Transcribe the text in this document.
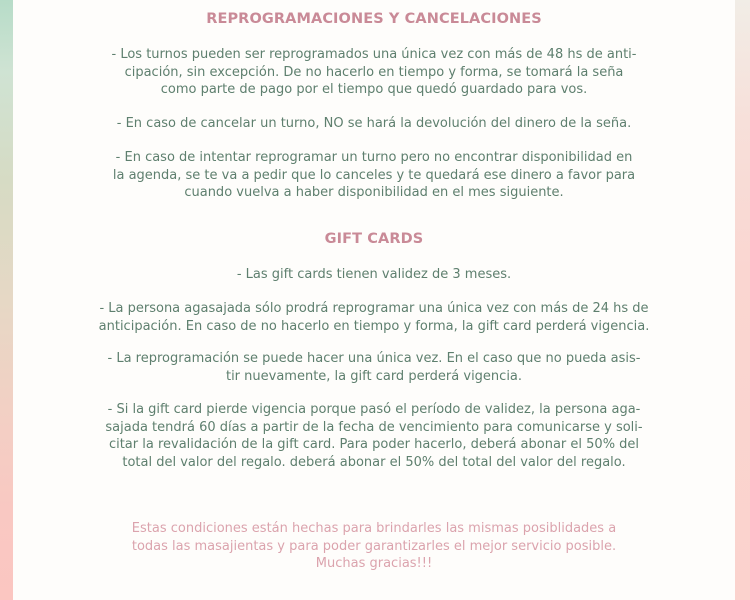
REPROGRAMACIONES Y CANCELACIONES
- Los turnos pueden ser reprogramados una única vez con más de 48 hs de anti-
cipación, sin excepción. De no hacerlo en tiempo y forma, se tomará la seña
como parte de pago por el tiempo que quedó guardado para vos.
- En caso de cancelar un turno, NO se hará la devolución del dinero de la seña.
- En caso de intentar reprogramar un turno pero no encontrar disponibilidad en
la agenda, se te va a pedir que lo canceles y te quedará ese dinero a favor para
cuando vuelva a haber disponibilidad en el mes siguiente.
GIFT CARDS
- Las gift cards tienen validez de 3 meses.
- La persona agasajada sólo prodrá reprogramar una única vez con más de 24 hs de
anticipación. En caso de no hacerlo en tiempo y forma, la gift card perderá vigencia.
- La reprogramación se puede hacer una única vez. En el caso que no pueda asis-
tir nuevamente, la gift card perderá vigencia.
- Si la gift card pierde vigencia porque pasó el período de validez, la persona aga-
sajada tendrá 60 días a partir de la fecha de vencimiento para comunicarse y soli-
citar la revalidación de la gift card. Para poder hacerlo, deberá abonar el 50% del
total del valor del regalo. deberá abonar el 50% del total del valor del regalo.
Estas condiciones están hechas para brindarles las mismas posiblidades a
todas las masajientas y para poder garantizarles el mejor servicio posible.
Muchas gracias!!!
